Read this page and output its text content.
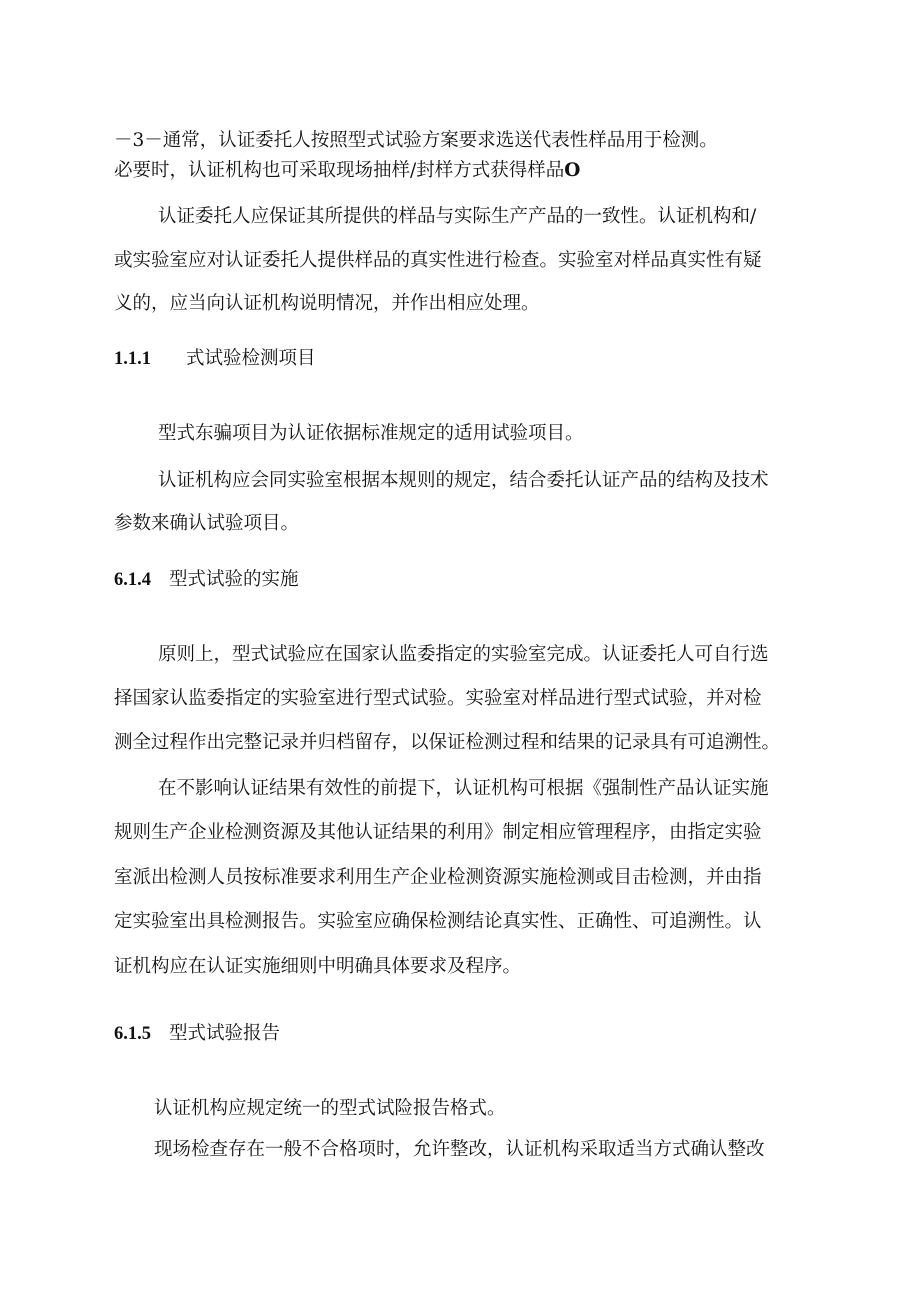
－3－通常，认证委托人按照型式试验方案要求选送代表性样品用于检测。
必要时，认证机构也可采取现场抽样/封样方式获得样品O
认证委托人应保证其所提供的样品与实际生产产品的一致性。认证机构和/
或实验室应对认证委托人提供样品的真实性进行检查。实验室对样品真实性有疑
义的，应当向认证机构说明情况，并作出相应处理。
1.1.1 式试验检测项目
型式东骗项目为认证依据标准规定的适用试验项目。
认证机构应会同实验室根据本规则的规定，结合委托认证产品的结构及技术
参数来确认试验项目。
6.1.4 型式试验的实施
原则上，型式试验应在国家认监委指定的实验室完成。认证委托人可自行选
择国家认监委指定的实验室进行型式试验。实验室对样品进行型式试验，并对检
测全过程作出完整记录并归档留存，以保证检测过程和结果的记录具有可追溯性。
在不影响认证结果有效性的前提下，认证机构可根据《强制性产品认证实施
规则生产企业检测资源及其他认证结果的利用》制定相应管理程序，由指定实验
室派出检测人员按标准要求利用生产企业检测资源实施检测或目击检测，并由指
定实验室出具检测报告。实验室应确保检测结论真实性、正确性、可追溯性。认
证机构应在认证实施细则中明确具体要求及程序。
6.1.5 型式试验报告
认证机构应规定统一的型式试险报告格式。
现场检查存在一般不合格项时，允许整改，认证机构采取适当方式确认整改
